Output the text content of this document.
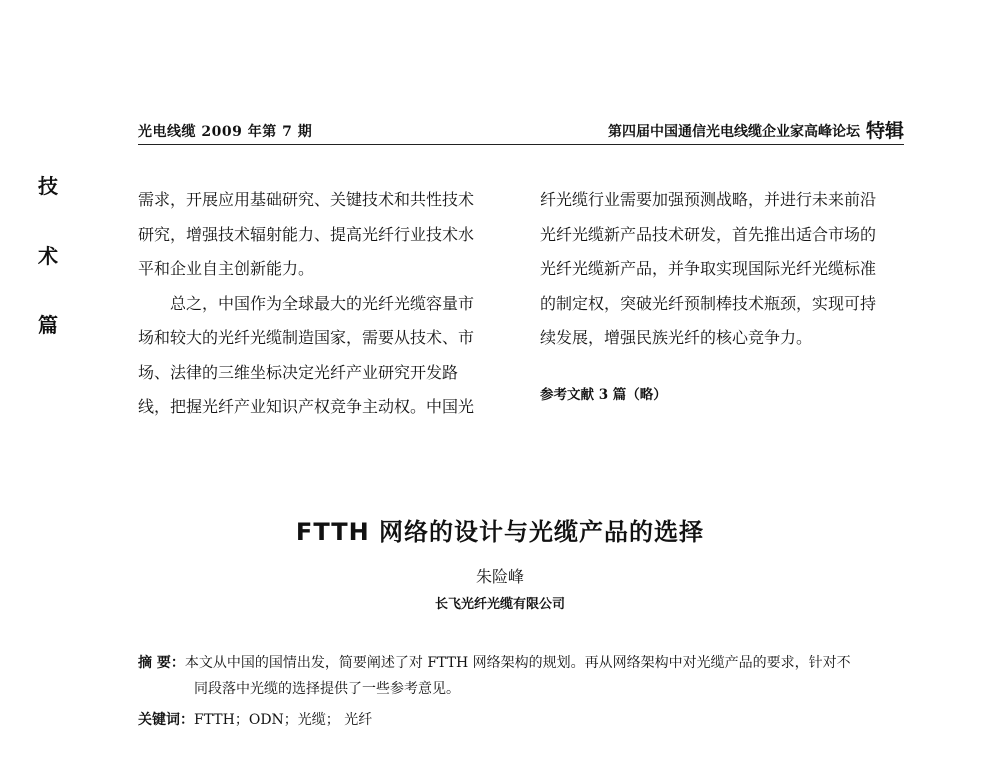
光电线缆 2009 年第 7 期	第四届中国通信光电线缆企业家高峰论坛 特辑
技
术
篇

需求，开展应用基础研究、关键技术和共性技术

研究，增强技术辐射能力、提高光纤行业技术水

平和企业自主创新能力。

总之，中国作为全球最大的光纤光缆容量市

场和较大的光纤光缆制造国家，需要从技术、市

场、法律的三维坐标决定光纤产业研究开发路

线，把握光纤产业知识产权竞争主动权。中国光

纤光缆行业需要加强预测战略，并进行未来前沿

光纤光缆新产品技术研发，首先推出适合市场的

光纤光缆新产品，并争取实现国际光纤光缆标准

的制定权，突破光纤预制棒技术瓶颈，实现可持

续发展，增强民族光纤的核心竞争力。

参考文献 3 篇（略）
FTTH 网络的设计与光缆产品的选择
朱险峰
长飞光纤光缆有限公司
摘 要：本文从中国的国情出发，简要阐述了对 FTTH 网络架构的规划。再从网络架构中对光缆产品的要求，针对不
同段落中光缆的选择提供了一些参考意见。
关键词：FTTH；ODN；光缆； 光纤
